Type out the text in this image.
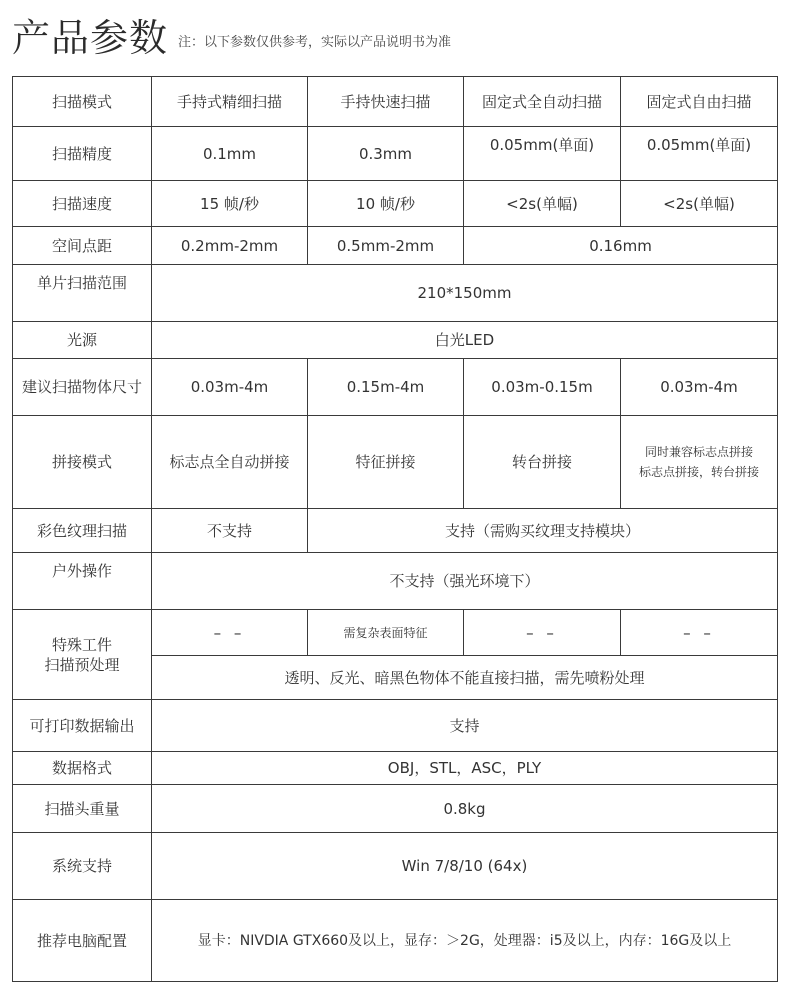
产品参数 注：以下参数仅供参考，实际以产品说明书为准
扫描模式	手持式精细扫描	手持快速扫描	固定式全自动扫描	固定式自由扫描
扫描精度	0.1mm	0.3mm	0.05mm(单面)	0.05mm(单面)
扫描速度	15 帧/秒	10 帧/秒	<2s(单幅)	<2s(单幅)
空间点距	0.2mm-2mm	0.5mm-2mm	0.16mm	
单片扫描范围	210*150mm			
光源	白光LED			
建议扫描物体尺寸	0.03m-4m	0.15m-4m	0.03m-0.15m	0.03m-4m
拼接模式	标志点全自动拼接	特征拼接	转台拼接	同时兼容标志点拼接
标志点拼接，转台拼接

彩色纹理扫描	不支持	支持（需购买纹理支持模块）		
户外操作	不支持（强光环境下）			

特殊工件
扫描预处理	– –	需复杂表面特征	– –	– –
	透明、反光、暗黑色物体不能直接扫描，需先喷粉处理			
可打印数据输出	支持			
数据格式	OBJ，STL，ASC，PLY			
扫描头重量	0.8kg			
系统支持	Win 7/8/10 (64x)			
推荐电脑配置	显卡：NIVDIA GTX660及以上，显存：＞2G，处理器：i5及以上，内存：16G及以上			
